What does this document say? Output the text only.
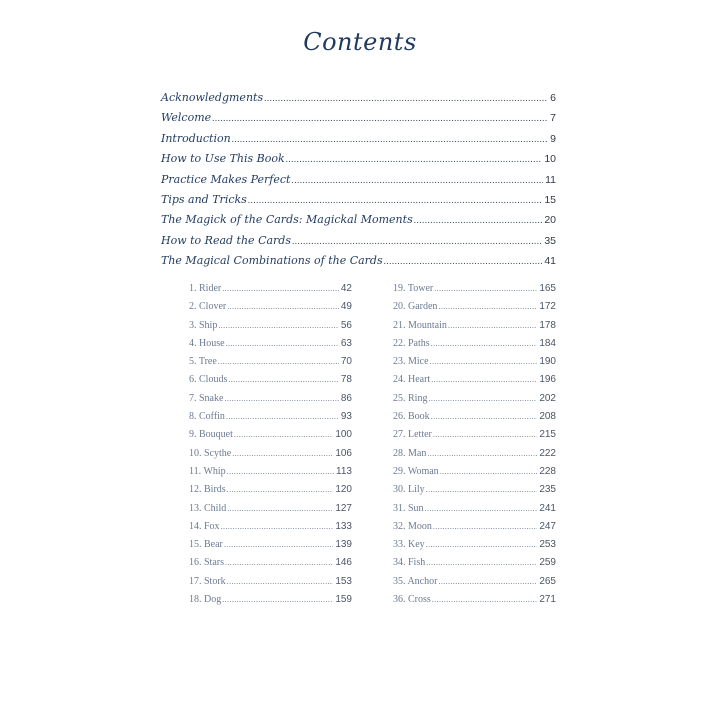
Contents
Acknowledgments .....	6
Welcome .....	7
Introduction .....	9
How to Use This Book .....	10
Practice Makes Perfect .....	11
Tips and Tricks .....	15
The Magick of the Cards: Magickal Moments .....	20
How to Read the Cards .....	35
The Magical Combinations of the Cards .....	41
1. Rider .....	42
2. Clover .....	49
3. Ship .....	56
4. House .....	63
5. Tree .....	70
6. Clouds .....	78
7. Snake .....	86
8. Coffin .....	93
9. Bouquet .....	100
10. Scythe .....	106
11. Whip .....	113
12. Birds .....	120
13. Child .....	127
14. Fox .....	133
15. Bear .....	139
16. Stars .....	146
17. Stork .....	153
18. Dog .....	159
19. Tower .....	165
20. Garden .....	172
21. Mountain .....	178
22. Paths .....	184
23. Mice .....	190
24. Heart .....	196
25. Ring .....	202
26. Book .....	208
27. Letter .....	215
28. Man .....	222
29. Woman .....	228
30. Lily .....	235
31. Sun .....	241
32. Moon .....	247
33. Key .....	253
34. Fish .....	259
35. Anchor .....	265
36. Cross .....	271
